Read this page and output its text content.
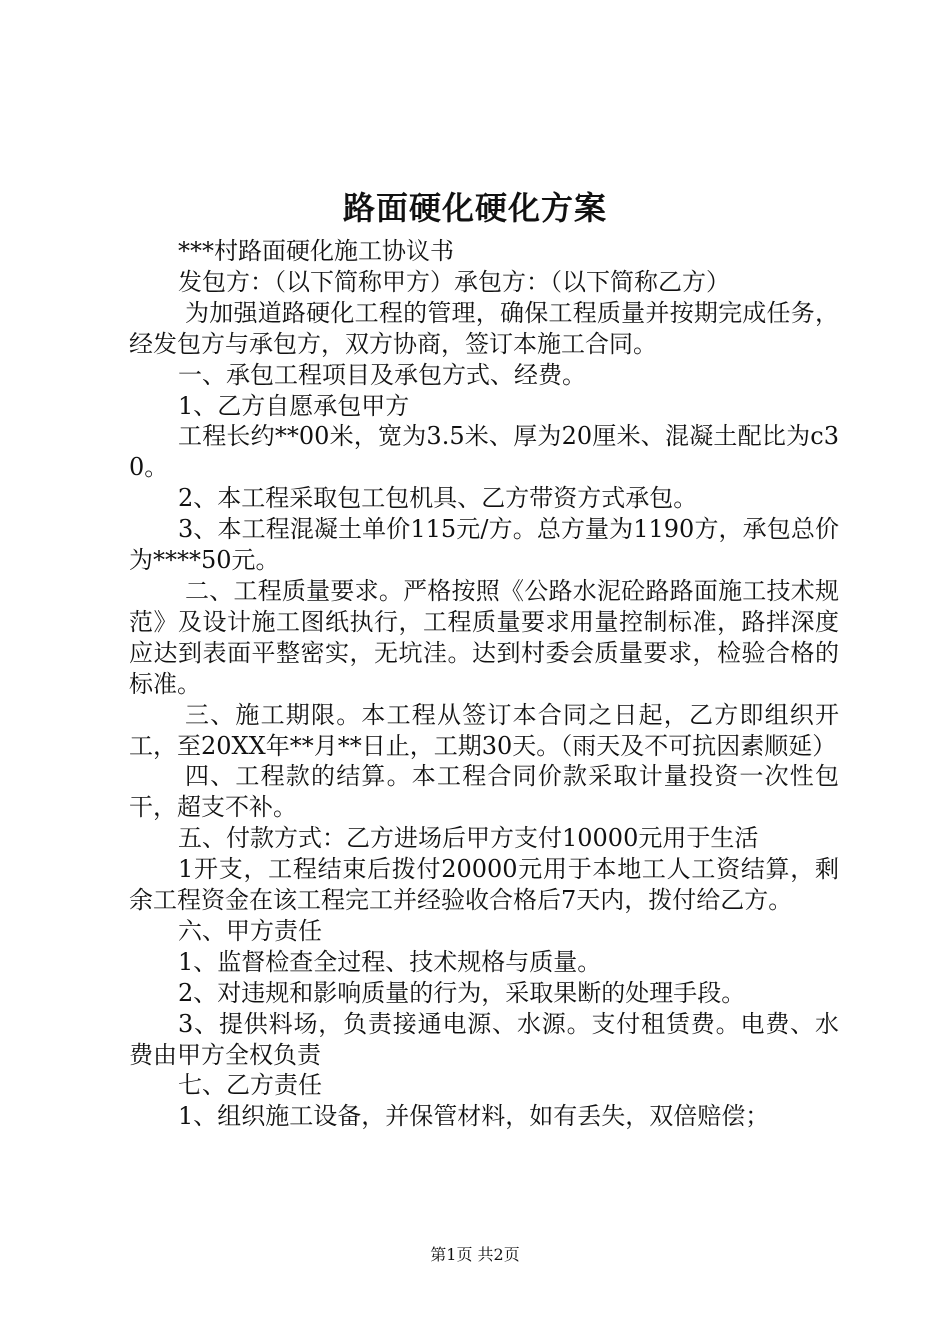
路面硬化硬化方案

***村路面硬化施工协议书

发包方：（以下简称甲方）承包方：（以下简称乙方）

为加强道路硬化工程的管理，确保工程质量并按期完成任务，经发包方与承包方，双方协商，签订本施工合同。

一、承包工程项目及承包方式、经费。

1、乙方自愿承包甲方

工程长约**00米，宽为3.5米、厚为20厘米、混凝土配比为c30。

2、本工程采取包工包机具、乙方带资方式承包。

3、本工程混凝土单价115元/方。总方量为1190方，承包总价为****50元。

二、工程质量要求。严格按照《公路水泥砼路路面施工技术规范》及设计施工图纸执行，工程质量要求用量控制标准，路拌深度应达到表面平整密实，无坑洼。达到村委会质量要求，检验合格的标准。

三、施工期限。本工程从签订本合同之日起，乙方即组织开工，至20XX年**月**日止，工期30天。（雨天及不可抗因素顺延）

四、工程款的结算。本工程合同价款采取计量投资一次性包干，超支不补。

五、付款方式：乙方进场后甲方支付10000元用于生活

1开支，工程结束后拨付20000元用于本地工人工资结算，剩余工程资金在该工程完工并经验收合格后7天内，拨付给乙方。

六、甲方责任

1、监督检查全过程、技术规格与质量。

2、对违规和影响质量的行为，采取果断的处理手段。

3、提供料场，负责接通电源、水源。支付租赁费。电费、水费由甲方全权负责

七、乙方责任

1、组织施工设备，并保管材料，如有丢失，双倍赔偿；

第1页 共2页
